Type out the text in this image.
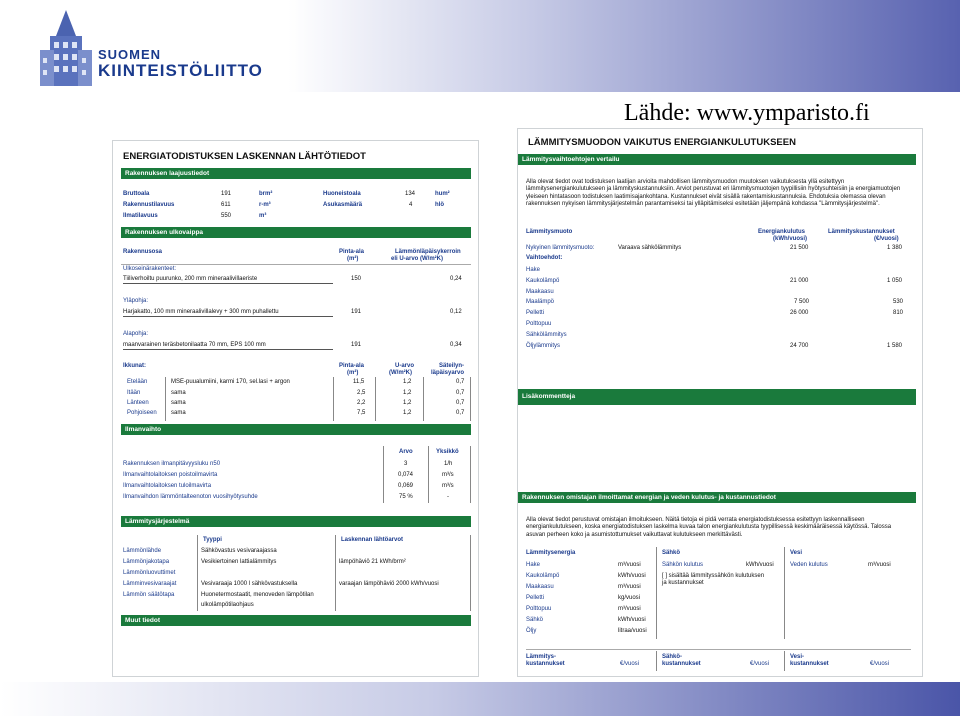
SUOMEN
KIINTEISTÖLIITTO
Lähde: www.ymparisto.fi
ENERGIATODISTUKSEN LASKENNAN LÄHTÖTIEDOT
Rakennuksen laajuustiedot
Bruttoala	191	brm²	Huoneistoala	134	hum²
Rakennustilavuus	611	r-m³	Asukasmäärä	4	hlö
Ilmatilavuus	550	m³
Rakennuksen ulkovaippa
Rakennusosa	Pinta-ala
(m²)
Lämmönläpäisykerroin
eli U-arvo (W/m²K)
Ulkoseinärakenteet:
Tiiliverhoiltu puurunko, 200 mm mineraalivillaeriste	150	0,24
Yläpohja:
Harjakatto, 100 mm mineraalivillalevy + 300 mm puhallettu	191	0,12
Alapohja:
maanvarainen teräsbetonilaatta 70 mm, EPS 100 mm	191	0,34
Ikkunat:	Pinta-ala
(m²)
U-arvo
(W/m²K)
Säteilyn-
läpäisyarvo
Etelään	MSE-puualumiini, karmi 170, sel.lasi + argon	11,5	1,2	0,7
Itään	sama	2,5	1,2	0,7
Länteen	sama	2,2	1,2	0,7
Pohjoiseen sama	7,5	1,2	0,7
Ilmanvaihto
Arvo	Yksikkö
Rakennuksen ilmanpitävyysluku n50	3	1/h
Ilmanvaihtolaitoksen poistoilmavirta	0,074	m³/s
Ilmanvaihtolaitoksen tuloilmavirta	0,069	m³/s
Ilmanvaihdon lämmöntalteenoton vuosihyötysuhde	75 %	-
Lämmitysjärjestelmä
Tyyppi	Laskennan lähtöarvot
Lämmönlähde	Sähkövastus vesivaraajassa
Lämmönjakotapa	Vesikiertoinen lattialämmitys	lämpöhäviö 21 kWh/brm²
Lämmönluovuttimet
Lämminvesivaraajat	Vesivaraaja 1000 l sähkövastuksella	varaajan lämpöhäviö 2000 kWh/vuosi
Lämmön säätötapa	Huonetermostaatit, menoveden lämpötilan
ulkolämpötilaohjaus
Muut tiedot
LÄMMITYSMUODON VAIKUTUS ENERGIANKULUTUKSEEN
Lämmitysvaihtoehtojen vertailu
Alla olevat tiedot ovat todistuksen laatijan arvioita mahdollisen lämmitysmuodon muutoksen vaikutuksesta yllä esitettyyn lämmitysenergiankulutukseen ja lämmityskustannuksiin. Arviot perustuvat eri lämmitysmuotojen tyypillisiin hyötysuhteisiin ja energiamuotojen yleiseen hintatasoon todistuksen laatimisajankohtana. Kustannukset eivät sisällä rakentamiskustannuksia. Ehdotuksia olemassa olevan rakennuksen nykyisen lämmitysjärjestelmän parantamiseksi tai ylläpitämiseksi esitetään jäljempänä kohdassa "Lämmitysjärjestelmä".
Lämmitysmuoto	Energiankulutus
(kWh/vuosi)
Lämmityskustannukset
(€/vuosi)
Nykyinen lämmitysmuoto:	Varaava sähkölämmitys	21 500	1 380
Vaihtoehdot:
Hake
Kaukolämpö	21 000	1 050
Maakaasu
Maalämpö	7 500	530
Pelletti	26 000	810
Polttopuu
Sähkölämmitys
Öljylämmitys	24 700	1 580
Lisäkommentteja
Rakennuksen omistajan ilmoittamat energian ja veden kulutus- ja kustannustiedot
Alla olevat tiedot perustuvat omistajan ilmoitukseen. Näitä tietoja ei pidä verrata energiatodistuksessa esitettyyn laskennalliseen energiankulutukseen, koska energiatodistuksen laskelma kuvaa talon energiankulutusta tyypillisessä keskimääräisessä käytössä. Talossa asuvan perheen koko ja asumistottumukset vaikuttavat kulutukseen merkittävästi.
Lämmitysenergia	Sähkö	Vesi
Hake	m³/vuosi
Kaukolämpö	kWh/vuosi
Maakaasu	m³/vuosi
Pelletti	kg/vuosi
Polttopuu	m³/vuosi
Sähkö	kWh/vuosi
Öljy	litraa/vuosi
Sähkön kulutus	kWh/vuosi
[ ] sisältää lämmityssähkön kulutuksen
ja kustannukset
Veden kulutus	m³/vuosi
Lämmitys-
kustannukset	€/vuosi
Sähkö-
kustannukset	€/vuosi
Vesi-
kustannukset	€/vuosi
